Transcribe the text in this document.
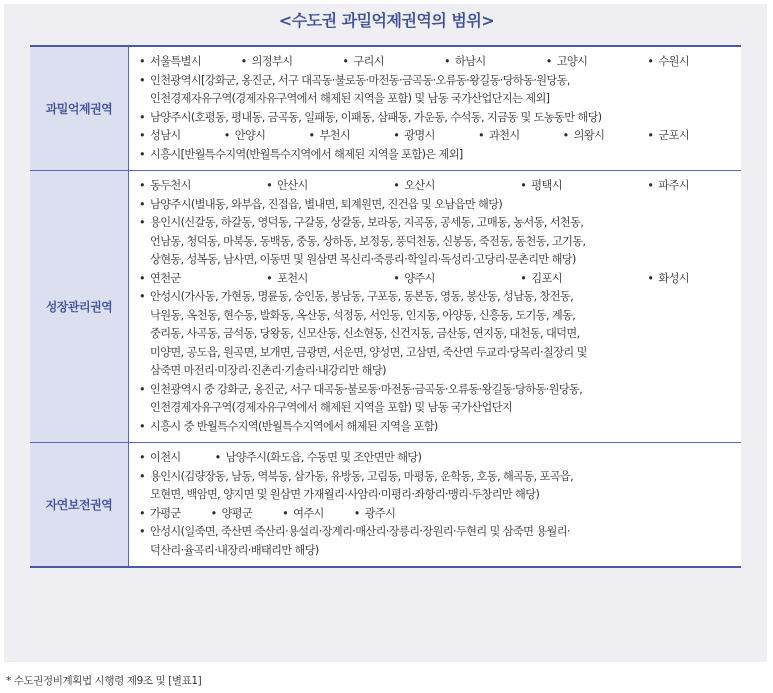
<수도권 과밀억제권역의 범위>
과밀억제권역
• 서울특별시	• 의정부시	• 구리시	• 하남시	• 고양시	• 수원시
• 인천광역시[강화군, 옹진군, 서구 대곡동·불로동·마전동·금곡동·오류동·왕길동·당하동·원당동,
인천경제자유구역(경제자유구역에서 해제된 지역을 포함) 및 남동 국가산업단지는 제외]
• 남양주시(호평동, 평내동, 금곡동, 일패동, 이패동, 삼패동, 가운동, 수석동, 지금동 및 도농동만 해당)
• 성남시	• 안양시	• 부천시	• 광명시	• 과천시	• 의왕시	• 군포시
• 시흥시[반월특수지역(반월특수지역에서 해제된 지역을 포함)은 제외]
성장관리권역
• 동두천시	• 안산시	• 오산시	• 평택시	• 파주시
• 남양주시(별내동, 와부읍, 진접읍, 별내면, 퇴계원면, 진건읍 및 오남읍만 해당)
• 용인시(신갈동, 하갈동, 영덕동, 구갈동, 상갈동, 보라동, 지곡동, 공세동, 고매동, 농서동, 서천동,
언남동, 청덕동, 마북동, 동백동, 중동, 상하동, 보정동, 풍덕천동, 신봉동, 죽전동, 동천동, 고기동,
상현동, 성복동, 남사면, 이동면 및 원삼면 목신리·죽릉리·학일리·독성리·고당리·문촌리만 해당)
• 연천군	• 포천시	• 양주시	• 김포시	• 화성시
• 안성시(가사동, 가현동, 명륜동, 숭인동, 봉남동, 구포동, 동본동, 영동, 봉산동, 성남동, 창전동,
낙원동, 옥천동, 현수동, 발화동, 옥산동, 석정동, 서인동, 인지동, 아양동, 신흥동, 도기동, 계동,
중리동, 사곡동, 금석동, 당왕동, 신모산동, 신소현동, 신건지동, 금산동, 연지동, 대천동, 대덕면,
미양면, 공도읍, 원곡면, 보개면, 금광면, 서운면, 양성면, 고삼면, 죽산면 두교리·당목리·칠장리 및
삼죽면 마전리·미장리·진촌리·기솔리·내강리만 해당)
• 인천광역시 중 강화군, 옹진군, 서구 대곡동·불로동·마전동·금곡동·오류동·왕길동·당하동·원당동,
인천경제자유구역(경제자유구역에서 해제된 지역을 포함) 및 남동 국가산업단지
• 시흥시 중 반월특수지역(반월특수지역에서 해제된 지역을 포함)
자연보전권역
• 이천시	• 남양주시(화도읍, 수동면 및 조안면만 해당)
• 용인시(김량장동, 남동, 역북동, 삼가동, 유방동, 고림동, 마평동, 운학동, 호동, 해곡동, 포곡읍,
모현면, 백암면, 양지면 및 원삼면 가재월리·사암리·미평리·좌항리·맹리·두창리만 해당)
• 가평군	• 양평군	• 여주시	• 광주시
• 안성시(일죽면, 죽산면 죽산리·용설리·장계리·매산리·장릉리·장원리·두현리 및 삼죽면 용월리·
덕산리·율곡리·내장리·배태리만 해당)
* 수도권정비계획법 시행령 제9조 및 [별표1]
